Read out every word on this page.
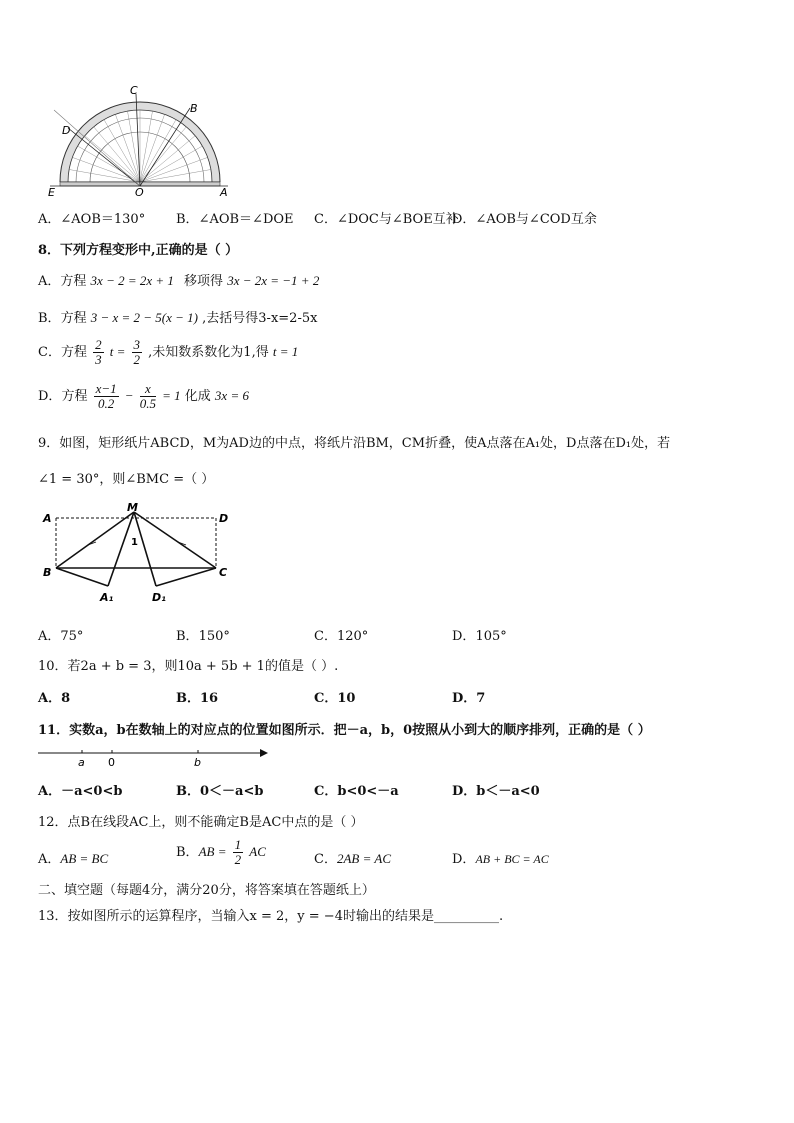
C
B
D
E	O	A
A．∠AOB＝130° B．∠AOB＝∠DOE C．∠DOC与∠BOE互补
D．∠AOB与∠COD互余
8．下列方程变形中,正确的是（ ）
A．方程 3x − 2 = 2x + 1 移项得 3x − 2x = −1 + 2
B．方程 3 − x = 2 − 5(x − 1) ,去括号得3-x=2-5x
C．方程 $\frac{2}{3}$ $t = \frac{3}{2}$ ,未知数系数化为1,得 t = 1
D．方程 $\frac{x-1}{0.2} - \frac{x}{0.5} = 1$ 化成 3x = 6
9．如图，矩形纸片ABCD，M为AD边的中点，将纸片沿BM，CM折叠，使A点落在A₁处，D点落在D₁处，若
∠1 = 30°，则∠BMC =（ ）
A
M
D
B	C
1
A₁	D₁
A．75°	B．150°	C．120°	D．105°
10．若2a + b = 3，则10a + 5b + 1的值是（ ）.
A．8	B．16	C．10	D．7
11．实数a，b在数轴上的对应点的位置如图所示．把－a，b，0按照从小到大的顺序排列，正确的是（ ）
a 0	b
A．－a<0<b	B．0＜－a<b	C．b<0<－a	D．b＜－a<0
12．点B在线段AC上，则不能确定B是AC中点的是（ ）
A．AB = BC	B．AB = $\frac{1}{2}$ AC
C．2AB = AC	D．AB + BC = AC
二、填空题（每题4分，满分20分，将答案填在答题纸上）
13．按如图所示的运算程序，当输入x = 2，y = −4时输出的结果是__________.
